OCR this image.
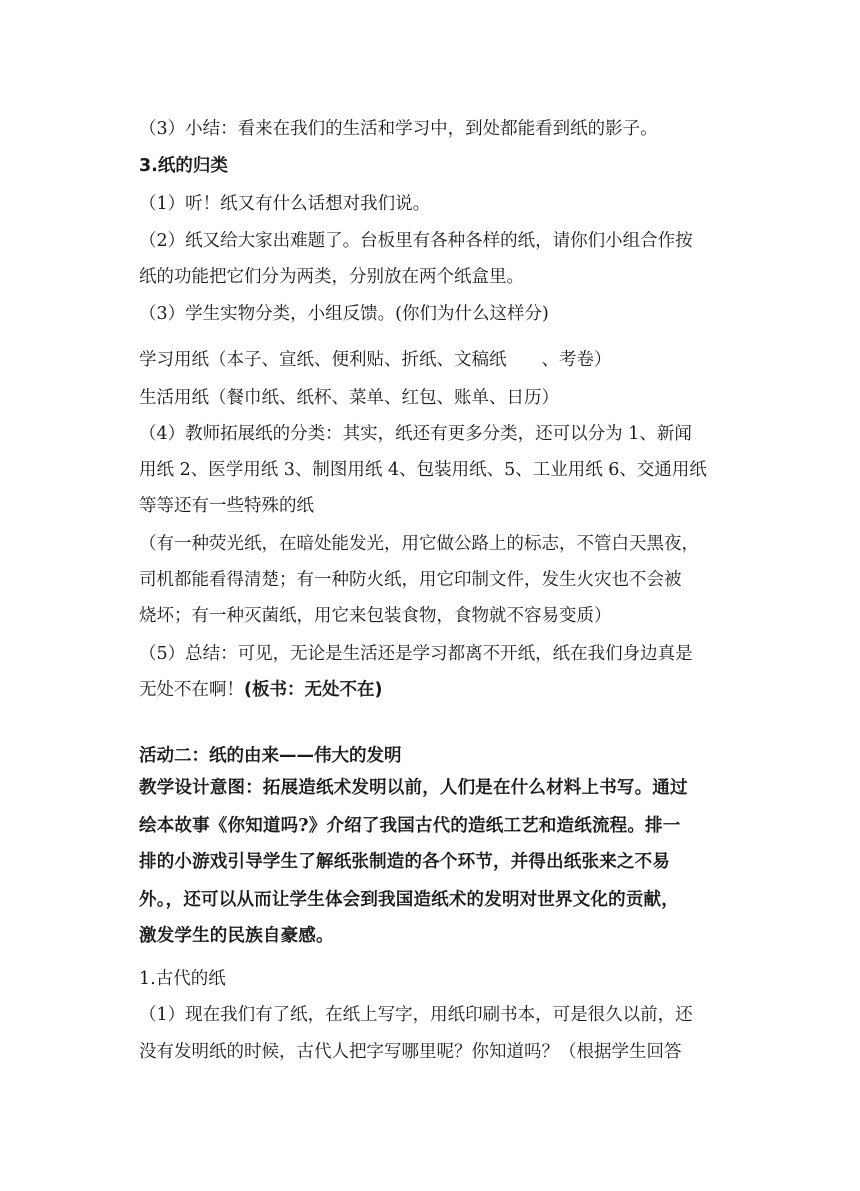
（3）小结：看来在我们的生活和学习中，到处都能看到纸的影子。
3.纸的归类
（1）听！纸又有什么话想对我们说。
（2）纸又给大家出难题了。台板里有各种各样的纸，请你们小组合作按
纸的功能把它们分为两类，分别放在两个纸盒里。
（3）学生实物分类，小组反馈。(你们为什么这样分)
学习用纸（本子、宣纸、便利贴、折纸、文稿纸　　、考卷）
生活用纸（餐巾纸、纸杯、菜单、红包、账单、日历）
（4）教师拓展纸的分类：其实，纸还有更多分类，还可以分为 1、新闻
用纸 2、医学用纸 3、制图用纸 4、包装用纸、5、工业用纸 6、交通用纸
等等还有一些特殊的纸
（有一种荧光纸，在暗处能发光，用它做公路上的标志，不管白天黑夜，
司机都能看得清楚；有一种防火纸，用它印制文件，发生火灾也不会被
烧坏；有一种灭菌纸，用它来包装食物，食物就不容易变质）
（5）总结：可见，无论是生活还是学习都离不开纸，纸在我们身边真是
无处不在啊！(板书：无处不在)
活动二：纸的由来——伟大的发明
教学设计意图：拓展造纸术发明以前，人们是在什么材料上书写。通过
绘本故事《你知道吗?》介绍了我国古代的造纸工艺和造纸流程。排一
排的小游戏引导学生了解纸张制造的各个环节，并得出纸张来之不易
外。，还可以从而让学生体会到我国造纸术的发明对世界文化的贡献，
激发学生的民族自豪感。
1.古代的纸
（1）现在我们有了纸，在纸上写字，用纸印刷书本，可是很久以前，还
没有发明纸的时候，古代人把字写哪里呢？你知道吗？（根据学生回答
